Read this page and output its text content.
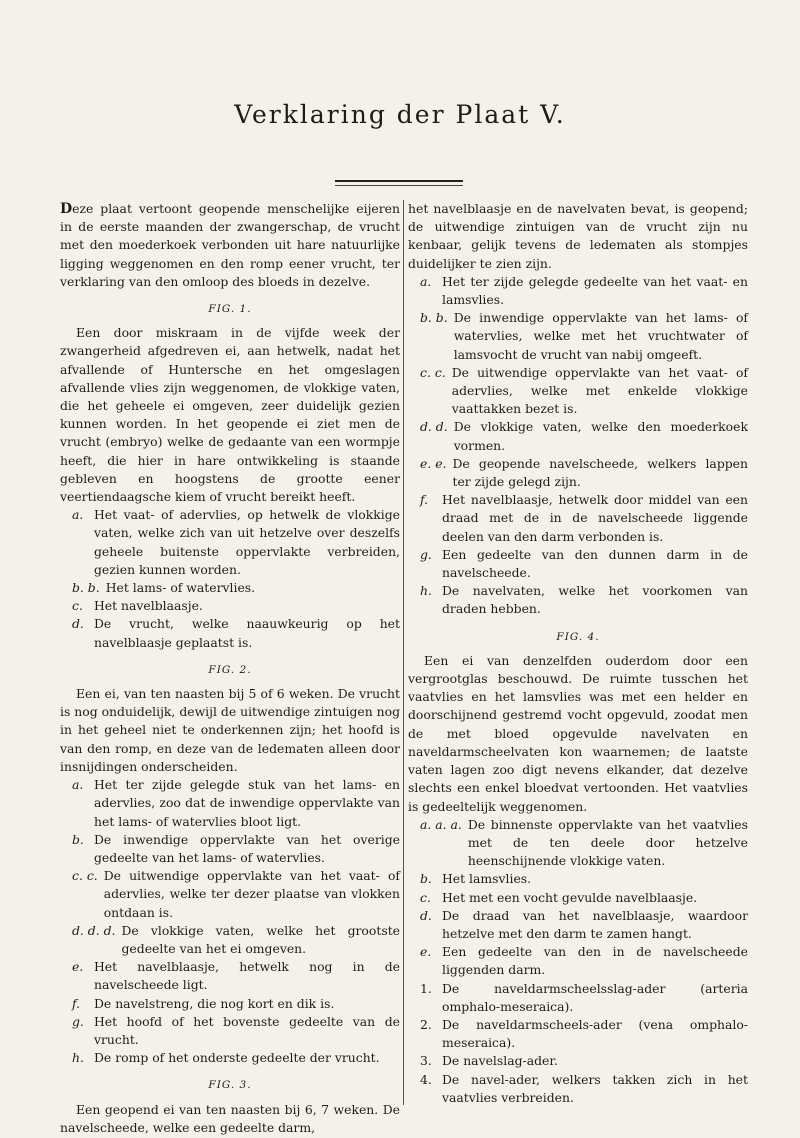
Verklaring der Plaat V.

Deze plaat vertoont geopende menschelijke eijeren in de eerste maanden der zwangerschap, de vrucht met den moederkoek verbonden uit hare natuurlijke ligging weggenomen en den romp eener vrucht, ter verklaring van den omloop des bloeds in dezelve.

FIG. 1.

Een door miskraam in de vijfde week der zwangerheid afgedreven ei, aan hetwelk, nadat het afvallende of Huntersche en het omgeslagen afvallende vlies zijn weggenomen, de vlokkige vaten, die het geheele ei omgeven, zeer duidelijk gezien kunnen worden. In het geopende ei ziet men de vrucht (embryo) welke de gedaante van een wormpje heeft, die hier in hare ontwikkeling is staande gebleven en hoogstens de grootte eener veertiendaagsche kiem of vrucht bereikt heeft.

a. Het vaat- of adervlies, op hetwelk de vlokkige vaten, welke zich van uit hetzelve over deszelfs geheele buitenste oppervlakte verbreiden, gezien kunnen worden.
b. b. Het lams- of watervlies.
c. Het navelblaasje.
d. De vrucht, welke naauwkeurig op het navelblaasje geplaatst is.
FIG. 2.

Een ei, van ten naasten bij 5 of 6 weken. De vrucht is nog onduidelijk, dewijl de uitwendige zintuigen nog in het geheel niet te onderkennen zijn; het hoofd is van den romp, en deze van de ledematen alleen door insnijdingen onderscheiden.

a. Het ter zijde gelegde stuk van het lams- en adervlies, zoo dat de inwendige oppervlakte van het lams- of watervlies bloot ligt.
b. De inwendige oppervlakte van het overige gedeelte van het lams- of watervlies.
c. c. De uitwendige oppervlakte van het vaat- of adervlies, welke ter dezer plaatse van vlokken ontdaan is.
d. d. d. De vlokkige vaten, welke het grootste gedeelte van het ei omgeven.
e. Het navelblaasje, hetwelk nog in de navelscheede ligt.
f.	De navelstreng, die nog kort en dik is.
g. Het hoofd of het bovenste gedeelte van de vrucht.
h. De romp of het onderste gedeelte der vrucht.
FIG. 3.

Een geopend ei van ten naasten bij 6, 7 weken. De navelscheede, welke een gedeelte darm,

het navelblaasje en de navelvaten bevat, is geopend; de uitwendige zintuigen van de vrucht zijn nu kenbaar, gelijk tevens de ledematen als stompjes duidelijker te zien zijn.

a. Het ter zijde gelegde gedeelte van het vaat- en lamsvlies.
b. b. De inwendige oppervlakte van het lams- of watervlies, welke met het vruchtwater of lamsvocht de vrucht van nabij omgeeft.
c. c. De uitwendige oppervlakte van het vaat- of adervlies, welke met enkelde vlokkige vaattakken bezet is.
d. d. De vlokkige vaten, welke den moederkoek vormen.
e. e. De geopende navelscheede, welkers lappen ter zijde gelegd zijn.
f.	Het navelblaasje, hetwelk door middel van een draad met de in de navelscheede liggende deelen van den darm verbonden is.
g. Een gedeelte van den dunnen darm in de navelscheede.
h. De navelvaten, welke het voorkomen van draden hebben.
FIG. 4.

Een ei van denzelfden ouderdom door een vergrootglas beschouwd. De ruimte tusschen het vaatvlies en het lamsvlies was met een helder en doorschijnend gestremd vocht opgevuld, zoodat men de met bloed opgevulde navelvaten en naveldarmscheelvaten kon waarnemen; de laatste vaten lagen zoo digt nevens elkander, dat dezelve slechts een enkel bloedvat vertoonden. Het vaatvlies is gedeeltelijk weggenomen.

a. a. a. De binnenste oppervlakte van het vaatvlies met de ten deele door hetzelve heenschijnende vlokkige vaten.
b. Het lamsvlies.
c. Het met een vocht gevulde navelblaasje.
d. De draad van het navelblaasje, waardoor hetzelve met den darm te zamen hangt.
e. Een gedeelte van den in de navelscheede liggenden darm.
1. De naveldarmscheelsslag-ader (arteria omphalo-meseraica).
2. De naveldarmscheels-ader (vena omphalo-meseraica).
3. De navelslag-ader.
4. De navel-ader, welkers takken zich in het vaatvlies verbreiden.
